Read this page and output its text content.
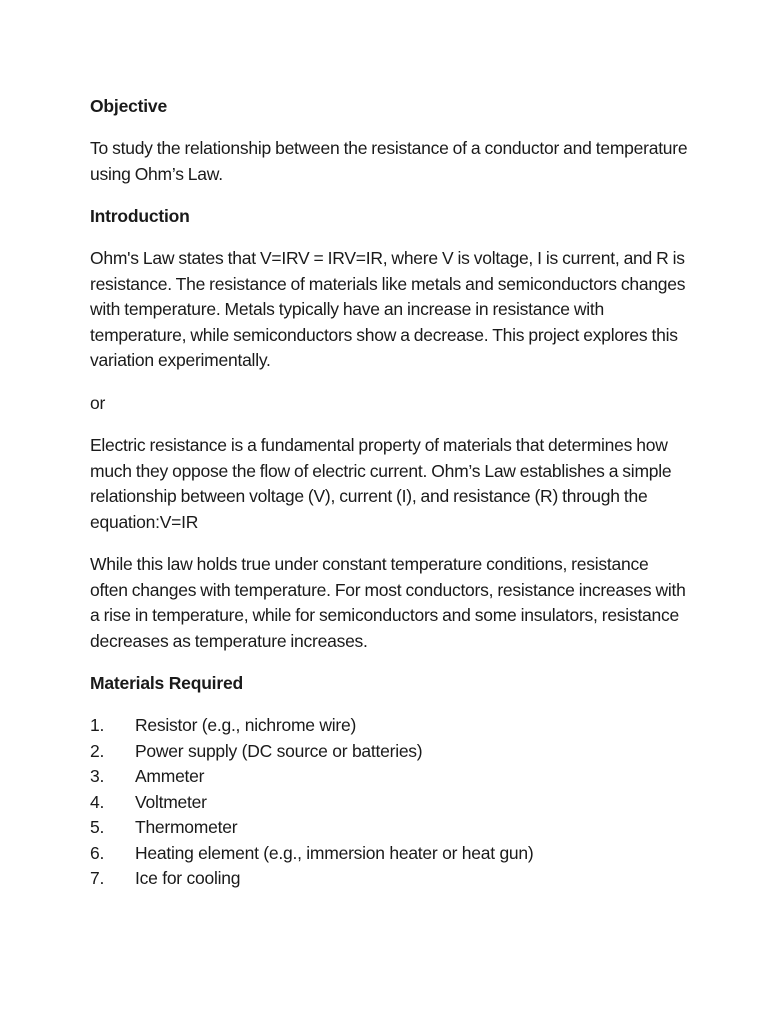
Objective

To study the relationship between the resistance of a conductor and temperature using Ohm’s Law.

Introduction

Ohm's Law states that V=IRV = IRV=IR, where V is voltage, I is current, and R is resistance. The resistance of materials like metals and semiconductors changes with temperature. Metals typically have an increase in resistance with temperature, while semiconductors show a decrease. This project explores this variation experimentally.

or

Electric resistance is a fundamental property of materials that determines how much they oppose the flow of electric current. Ohm’s Law establishes a simple relationship between voltage (V), current (I), and resistance (R) through the equation:V=IR

While this law holds true under constant temperature conditions, resistance often changes with temperature. For most conductors, resistance increases with a rise in temperature, while for semiconductors and some insulators, resistance decreases as temperature increases.

Materials Required
1.	Resistor (e.g., nichrome wire)
2.	Power supply (DC source or batteries)
3.	Ammeter
4.	Voltmeter
5.	Thermometer
6.	Heating element (e.g., immersion heater or heat gun)
7.	Ice for cooling
